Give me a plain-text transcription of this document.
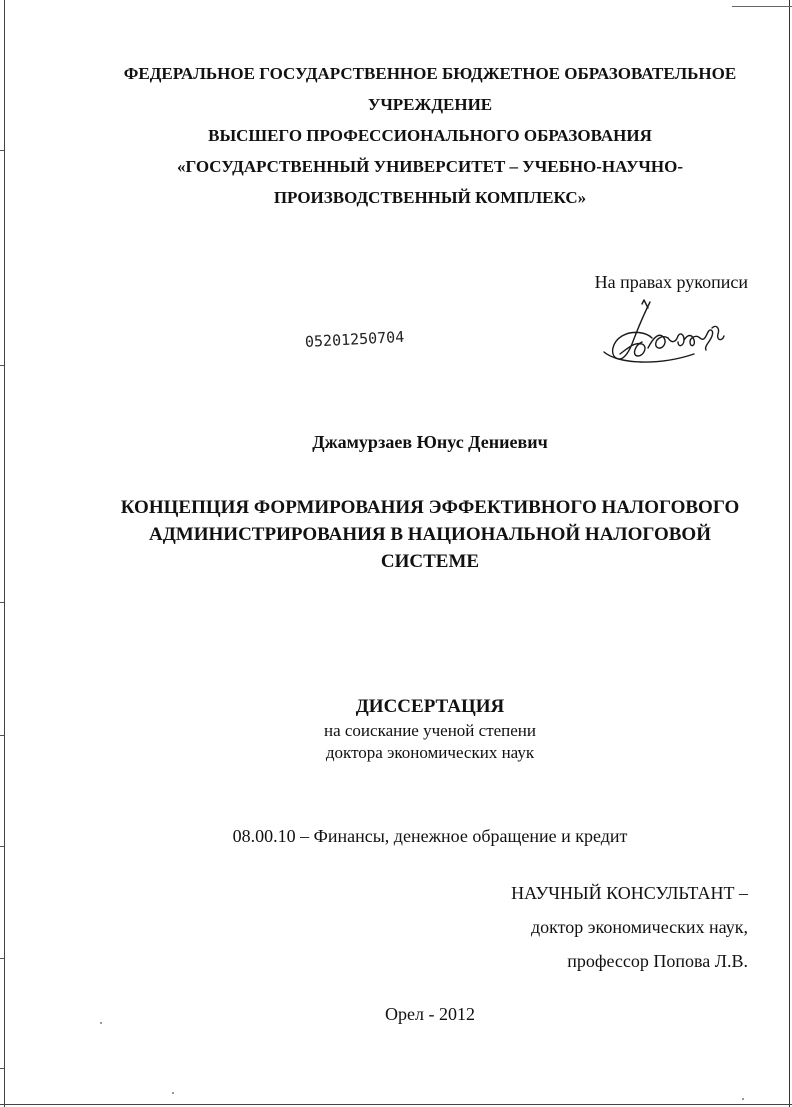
ФЕДЕРАЛЬНОЕ ГОСУДАРСТВЕННОЕ БЮДЖЕТНОЕ ОБРАЗОВАТЕЛЬНОЕ
УЧРЕЖДЕНИЕ
ВЫСШЕГО ПРОФЕССИОНАЛЬНОГО ОБРАЗОВАНИЯ
«ГОСУДАРСТВЕННЫЙ УНИВЕРСИТЕТ – УЧЕБНО-НАУЧНО-
ПРОИЗВОДСТВЕННЫЙ КОМПЛЕКС»
На правах рукописи
05201250704
Джамурзаев Юнус Дениевич
КОНЦЕПЦИЯ ФОРМИРОВАНИЯ ЭФФЕКТИВНОГО НАЛОГОВОГО
АДМИНИСТРИРОВАНИЯ В НАЦИОНАЛЬНОЙ НАЛОГОВОЙ
СИСТЕМЕ
ДИССЕРТАЦИЯ
на соискание ученой степени
доктора экономических наук
08.00.10 – Финансы, денежное обращение и кредит
НАУЧНЫЙ КОНСУЛЬТАНТ –
доктор экономических наук,
профессор Попова Л.В.
Орел - 2012
